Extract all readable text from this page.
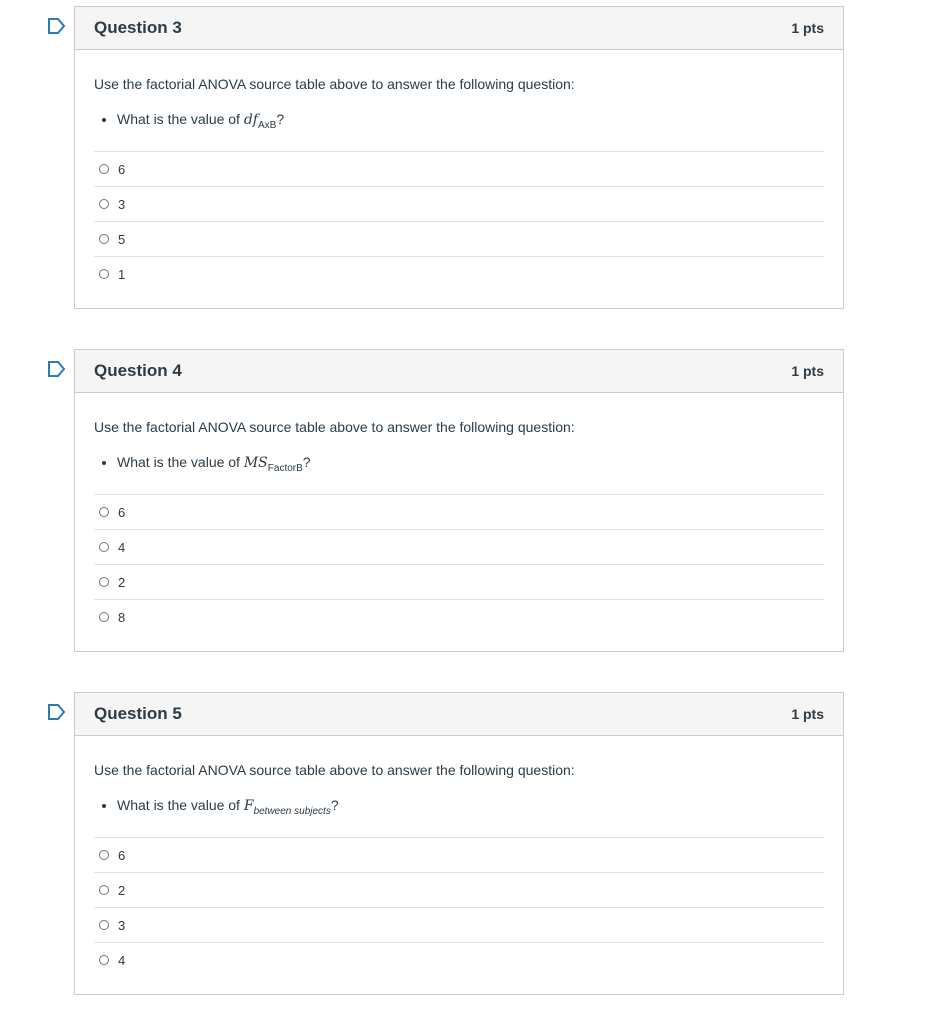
Question 3	1 pts

Use the factorial ANOVA source table above to answer the following question:

• What is the value of $df_{AxB}$?
6
3
5
1
Question 4	1 pts

Use the factorial ANOVA source table above to answer the following question:

• What is the value of $MS_{FactorB}$?
6
4
2
8
Question 5	1 pts

Use the factorial ANOVA source table above to answer the following question:

• What is the value of $F_{between subjects}$?
6
2
3
4
